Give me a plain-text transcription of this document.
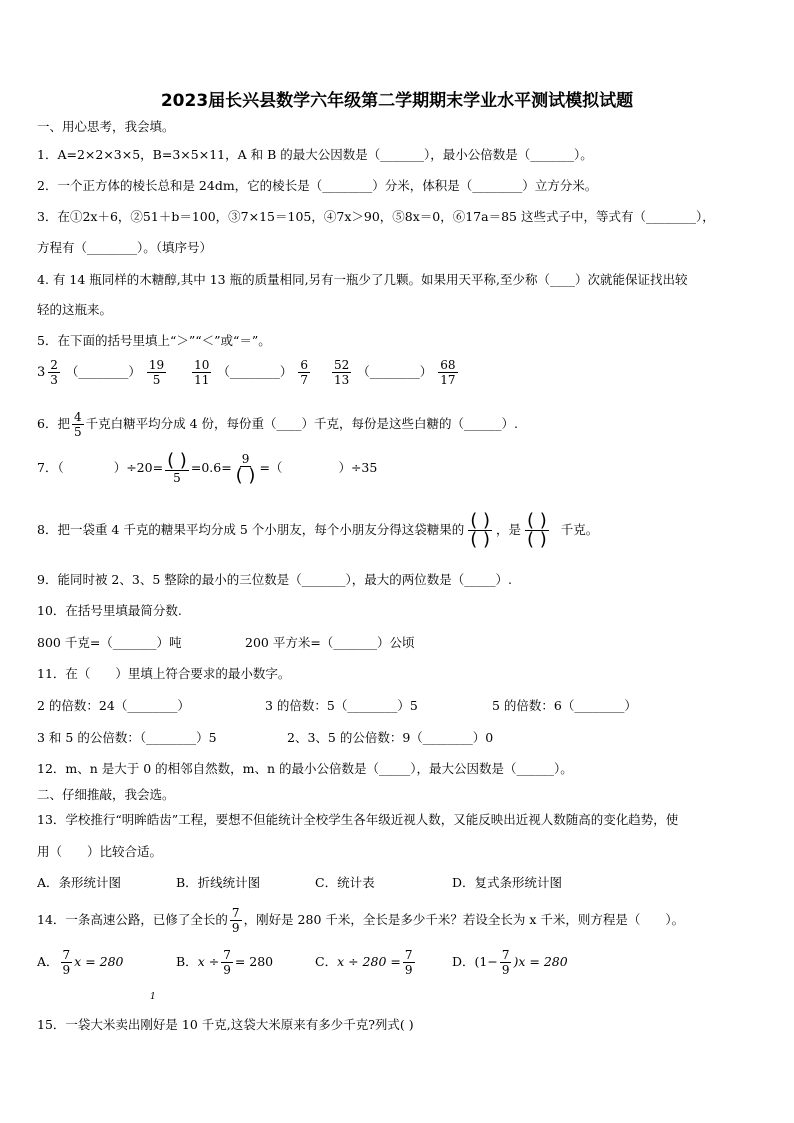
2023届长兴县数学六年级第二学期期末学业水平测试模拟试题
一、用心思考，我会填。
1．A=2×2×3×5，B=3×5×11，A 和 B 的最大公因数是（_______），最小公倍数是（_______）。
2．一个正方体的棱长总和是 24dm，它的棱长是（________）分米，体积是（________）立方分米。
3．在①2x＋6，②51＋b＝100，③7×15＝105，④7x＞90，⑤8x＝0，⑥17a＝85 这些式子中，等式有（________），
方程有（________）。（填序号）
4. 有 14 瓶同样的木糖醇,其中 13 瓶的质量相同,另有一瓶少了几颗。如果用天平称,至少称（____）次就能保证找出较
轻的这瓶来。
5．在下面的括号里填上“＞”“＜”或“＝”。
$3 \frac{2}{3}$ （________） $\frac{19}{5}$
$\frac{10}{11}$ （________） $\frac{6}{7}$
$\frac{52}{13}$ （________） $\frac{68}{17}$
6．把 $\frac{4}{5}$ 千克白糖平均分成 4 份，每份重（____）千克，每份是这些白糖的（______）.
7．（	）$\div 20= \frac{( )}{5} =0.6= \frac{9}{( )}$ =（	）÷35
8．把一袋重 4 千克的糖果平均分成 5 个小朋友，每个小朋友分得这袋糖果的 ( )
( ) ，是 ( )
( ) 千克。
9．能同时被 2、3、5 整除的最小的三位数是（_______），最大的两位数是（_____）.
10．在括号里填最简分数.
800 千克=（_______）吨	200 平方米=（_______）公顷
11．在（　　）里填上符合要求的最小数字。
2 的倍数：24（________）	3 的倍数：5（________）5	5 的倍数：6（________）
3 和 5 的公倍数：（________）5	2、3、5 的公倍数：9（________）0
12．m、n 是大于 0 的相邻自然数，m、n 的最小公倍数是（_____），最大公因数是（______）。
二、仔细推敲，我会选。
13．学校推行“明眸皓齿”工程，要想不但能统计全校学生各年级近视人数，又能反映出近视人数随高的变化趋势，使
用（　　）比较合适。
A．条形统计图	B．折线统计图	C．统计表	D．复式条形统计图
14．一条高速公路，已修了全长的 $\frac{7}{9}$ ，刚好是 280 千米，全长是多少千米？若设全长为 x 千米，则方程是（　　）。
A． $\frac{7}{9}$ x = 280	B．$x \div \frac{7}{9} = 280$	C．$x \div 280 = \frac{7}{9}$	D．$(1- \frac{7}{9} )x = 280$
1
15．一袋大米卖出刚好是 10 千克,这袋大米原来有多少千克?列式( )
